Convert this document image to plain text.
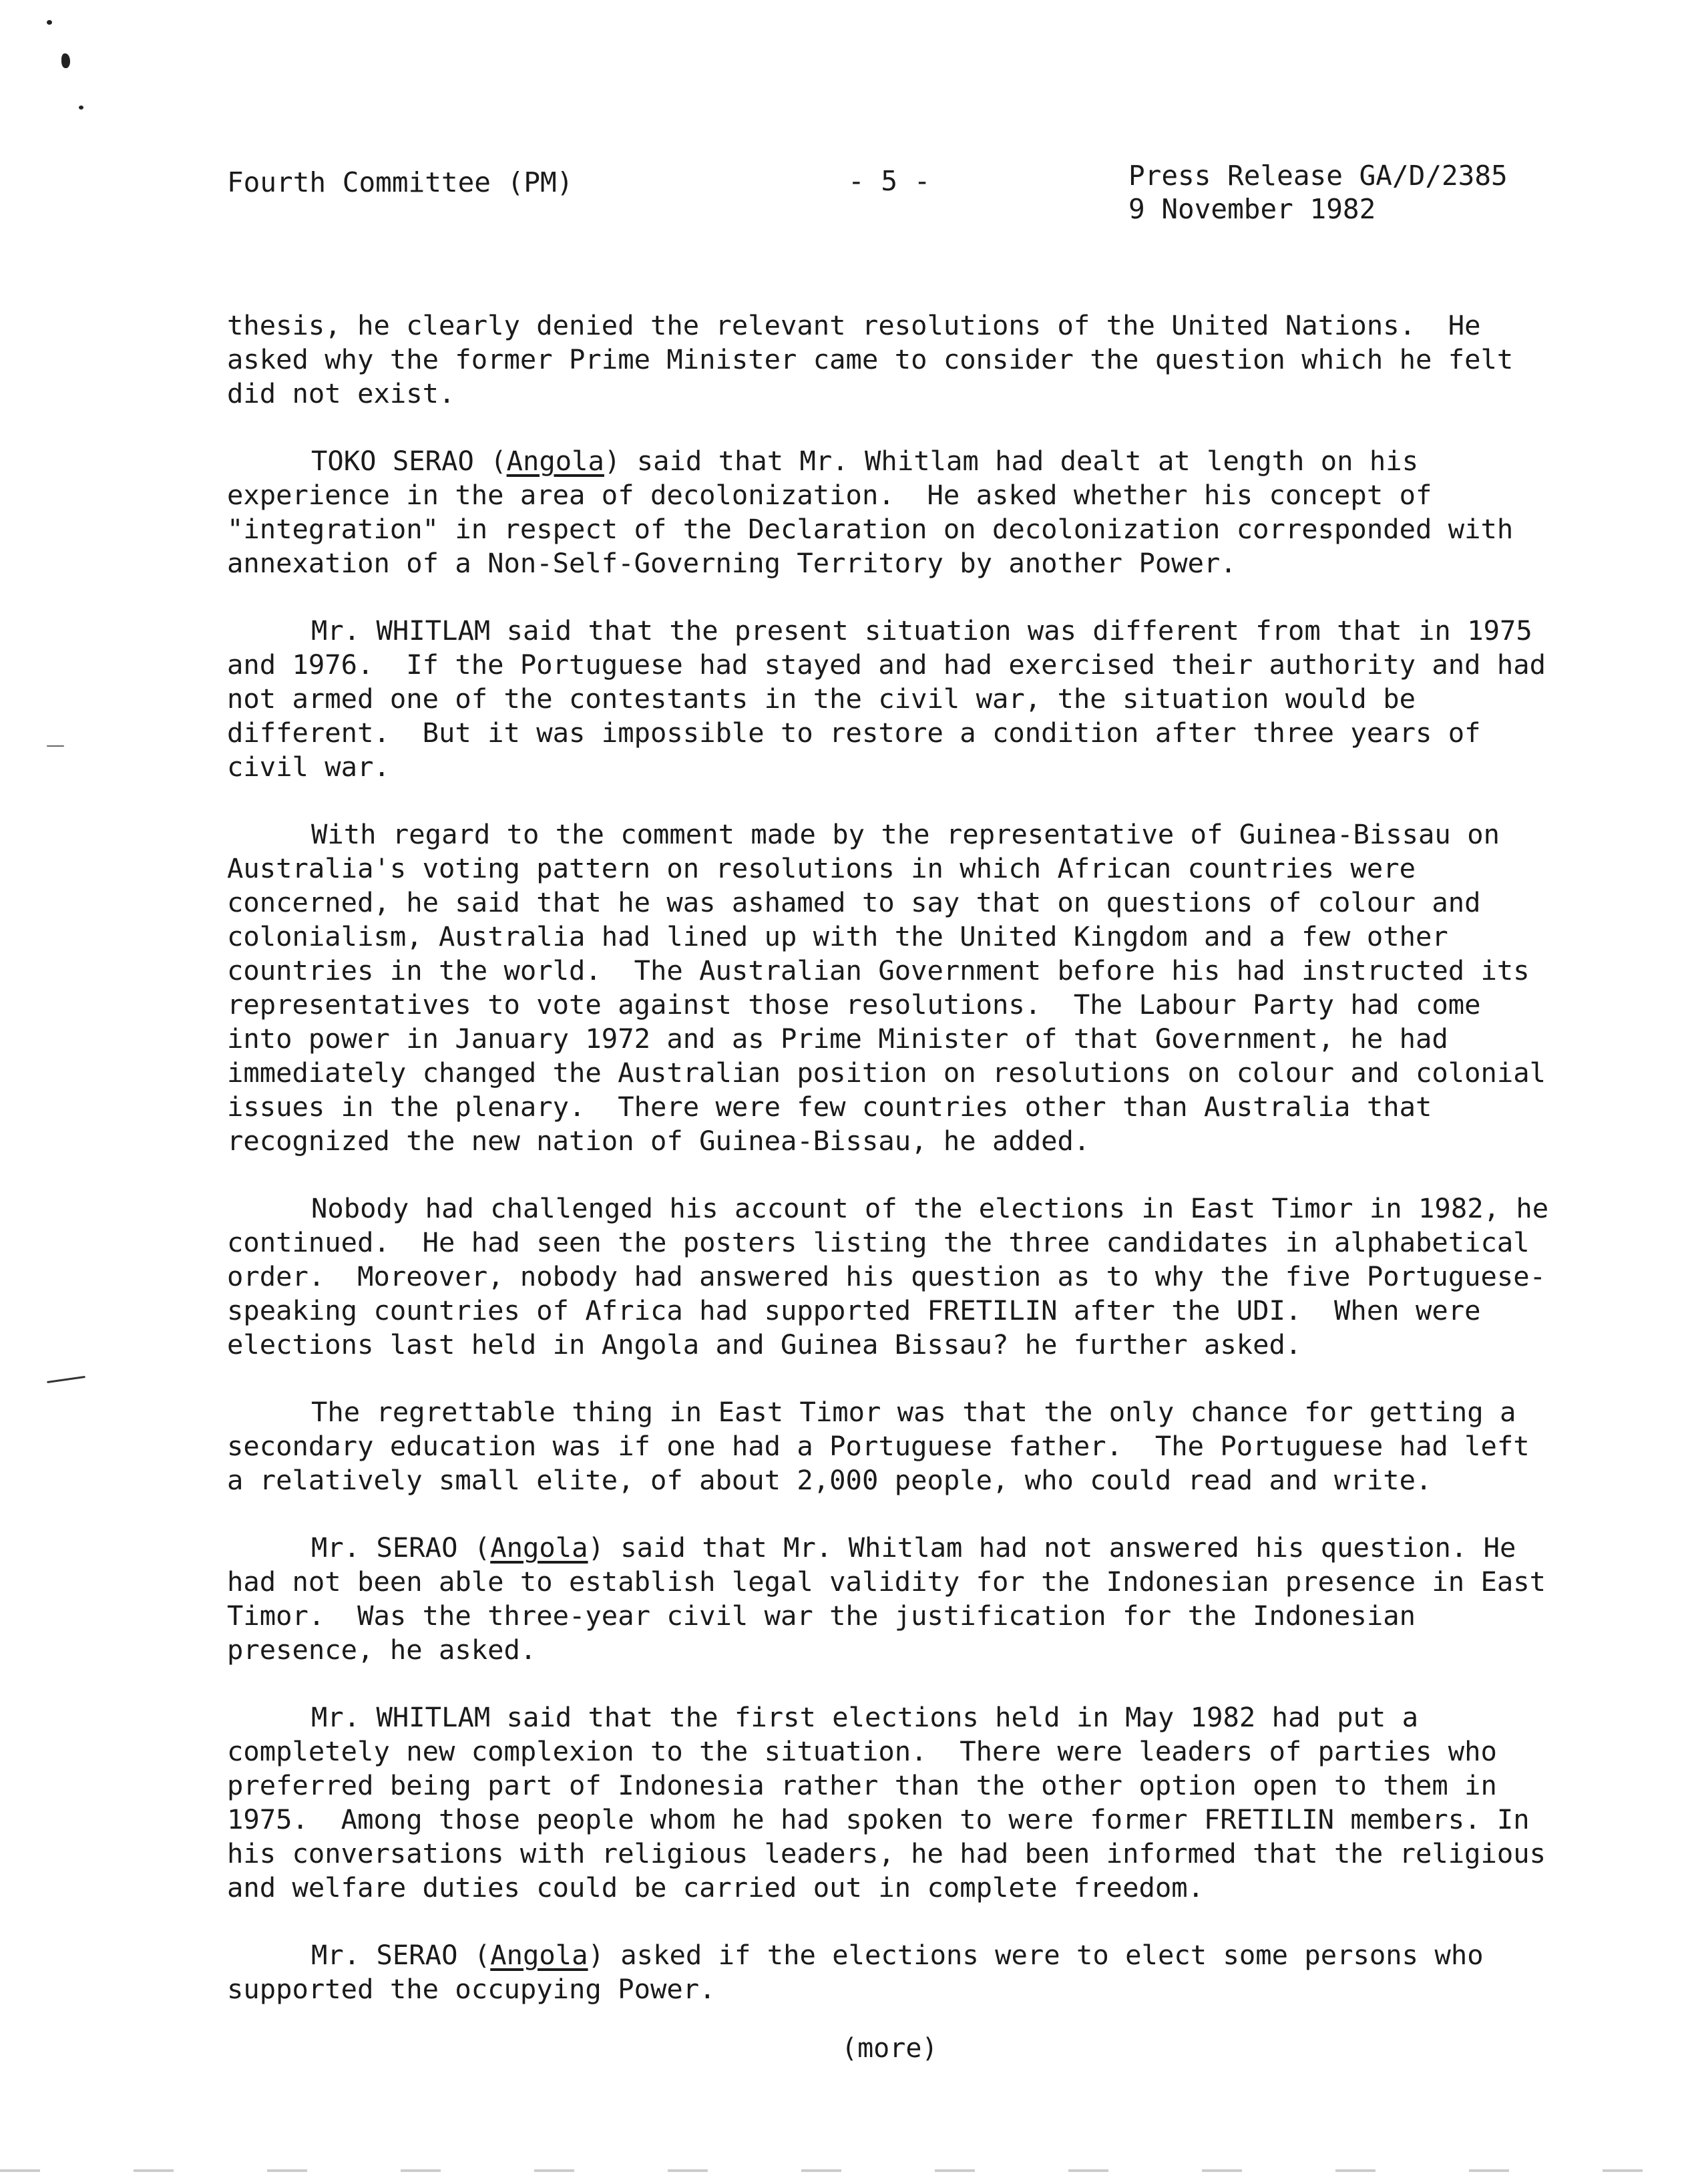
Fourth Committee (PM)	- 5 -	Press Release GA/D/2385
9 November 1982

thesis, he clearly denied the relevant resolutions of the United Nations.  He asked why the former Prime Minister came to consider the question which he felt did not exist.

TOKO SERAO (Angola) said that Mr. Whitlam had dealt at length on his experience in the area of decolonization.  He asked whether his concept of "integration" in respect of the Declaration on decolonization corresponded with annexation of a Non-Self-Governing Territory by another Power.

Mr. WHITLAM said that the present situation was different from that in 1975 and 1976.  If the Portuguese had stayed and had exercised their authority and had not armed one of the contestants in the civil war, the situation would be different.  But it was impossible to restore a condition after three years of civil war.

With regard to the comment made by the representative of Guinea-Bissau on Australia's voting pattern on resolutions in which African countries were concerned, he said that he was ashamed to say that on questions of colour and colonialism, Australia had lined up with the United Kingdom and a few other countries in the world.  The Australian Government before his had instructed its representatives to vote against those resolutions.  The Labour Party had come into power in January 1972 and as Prime Minister of that Government, he had immediately changed the Australian position on resolutions on colour and colonial issues in the plenary.  There were few countries other than Australia that recognized the new nation of Guinea-Bissau, he added.

Nobody had challenged his account of the elections in East Timor in 1982, he continued.  He had seen the posters listing the three candidates in alphabetical order.  Moreover, nobody had answered his question as to why the five Portuguese-speaking countries of Africa had supported FRETILIN after the UDI.  When were elections last held in Angola and Guinea Bissau? he further asked.

The regrettable thing in East Timor was that the only chance for getting a secondary education was if one had a Portuguese father.  The Portuguese had left a relatively small elite, of about 2,000 people, who could read and write.

Mr. SERAO (Angola) said that Mr. Whitlam had not answered his question. He had not been able to establish legal validity for the Indonesian presence in East Timor.  Was the three-year civil war the justification for the Indonesian presence, he asked.

Mr. WHITLAM said that the first elections held in May 1982 had put a completely new complexion to the situation.  There were leaders of parties who preferred being part of Indonesia rather than the other option open to them in 1975.  Among those people whom he had spoken to were former FRETILIN members. In his conversations with religious leaders, he had been informed that the religious and welfare duties could be carried out in complete freedom.

Mr. SERAO (Angola) asked if the elections were to elect some persons who supported the occupying Power.

(more)
